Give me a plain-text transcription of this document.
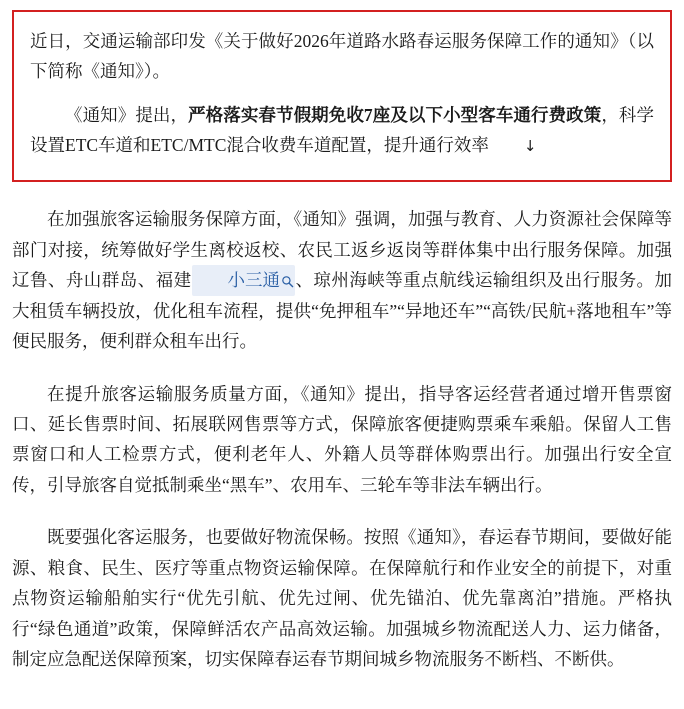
近日，交通运输部印发《关于做好2026年道路水路春运服务保障工作的通知》（以下简称《通知》）。

《通知》提出，严格落实春节假期免收7座及以下小型客车通行费政策，科学设置ETC车道和ETC/MTC混合收费车道配置，提升通行效率 ↓

在加强旅客运输服务保障方面，《通知》强调，加强与教育、人力资源社会保障等部门对接，统筹做好学生离校返校、农民工返乡返岗等群体集中出行服务保障。加强辽鲁、舟山群岛、福建 小三通 、琼州海峡等重点航线运输组织及出行服务。加大租赁车辆投放，优化租车流程，提供“免押租车”“异地还车”“高铁/民航+落地租车”等便民服务，便利群众租车出行。

在提升旅客运输服务质量方面，《通知》提出，指导客运经营者通过增开售票窗口、延长售票时间、拓展联网售票等方式，保障旅客便捷购票乘车乘船。保留人工售票窗口和人工检票方式，便利老年人、外籍人员等群体购票出行。加强出行安全宣传，引导旅客自觉抵制乘坐“黑车”、农用车、三轮车等非法车辆出行。

既要强化客运服务，也要做好物流保畅。按照《通知》，春运春节期间，要做好能源、粮食、民生、医疗等重点物资运输保障。在保障航行和作业安全的前提下，对重点物资运输船舶实行“优先引航、优先过闸、优先锚泊、优先靠离泊”措施。严格执行“绿色通道”政策，保障鲜活农产品高效运输。加强城乡物流配送人力、运力储备，制定应急配送保障预案，切实保障春运春节期间城乡物流服务不断档、不断供。
